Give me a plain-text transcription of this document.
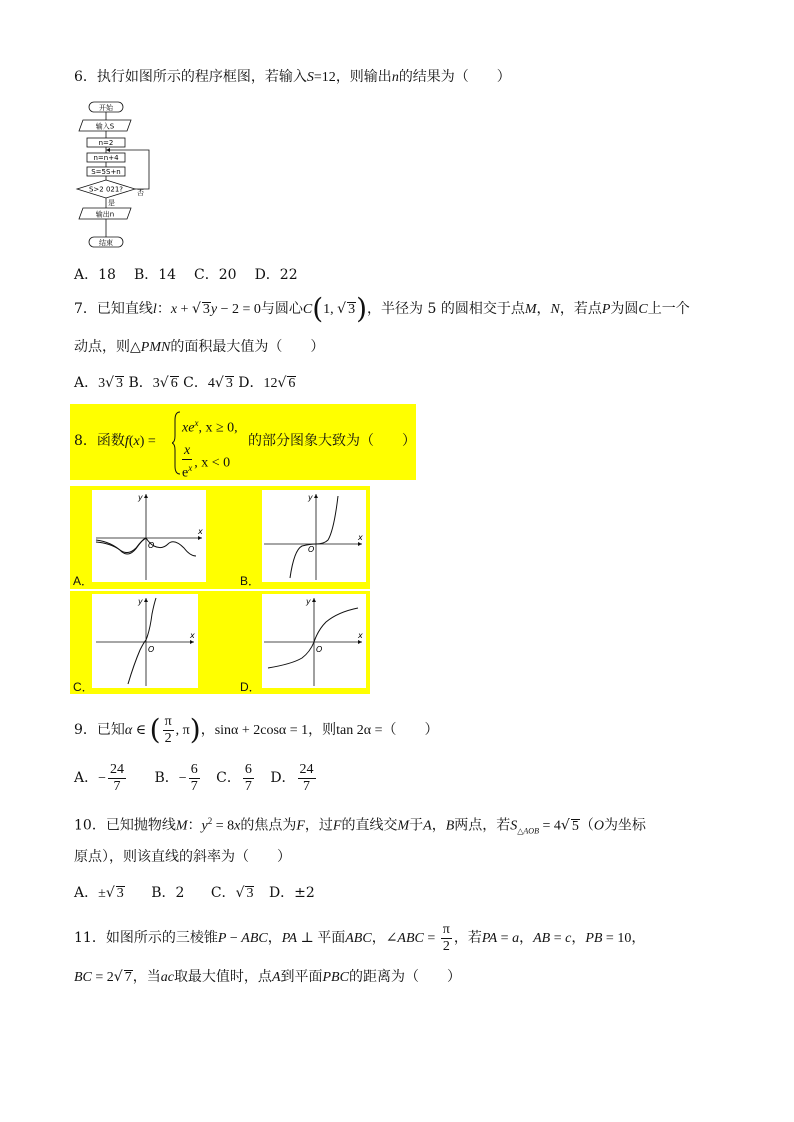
6．执行如图所示的程序框图，若输入S=12，则输出n的结果为（　　）
开始
输入S
n=2
n=n+4
S=5S+n
S>2 021? 否
是
输出n
结束
A．18 B．14 C．20 D．22
7．已知直线l：x + √ 3y − 2 = 0与圆心C(1, √ 3)，半径为 5 的圆相交于点M，N，若点P为圆C上一个
动点，则△PMN的面积最大值为（　　）
A．3√ 3 B．3√ 6 C．4√ 3 D．12√ 6
8．函数f(x) =
$xe^x$, x ≥ 0,
$\frac{x}{e^x}$ , x < 0
的部分图象大致为（　　）
y
x
O
A．
y
x
O
B．
y
x
O
C．
y
x
O
D．
9．已知α ∈ ( $\frac{\pi}{2}$ , π)，sinα + 2cosα = 1，则tan 2α =（　　）
A．− $\frac{24}{7}$ B．− $\frac{6}{7}$ C． $\frac{6}{7}$ D． $\frac{24}{7}$
10．已知抛物线M：$y^2 = 8x$的焦点为F，过F的直线交M于A，B两点，若$S_{\triangle AOB} = 4√$ 5（O为坐标
原点），则该直线的斜率为（　　）
A．±√ 3 B．2 C．√ 3 D．±2
11．如图所示的三棱锥P − ABC，PA ⊥ 平面ABC，∠ABC = $\frac{\pi}{2}$ ，若PA = a，AB = c，PB = 10，
BC = 2√ 7，当ac取最大值时，点A到平面PBC的距离为（　　）
